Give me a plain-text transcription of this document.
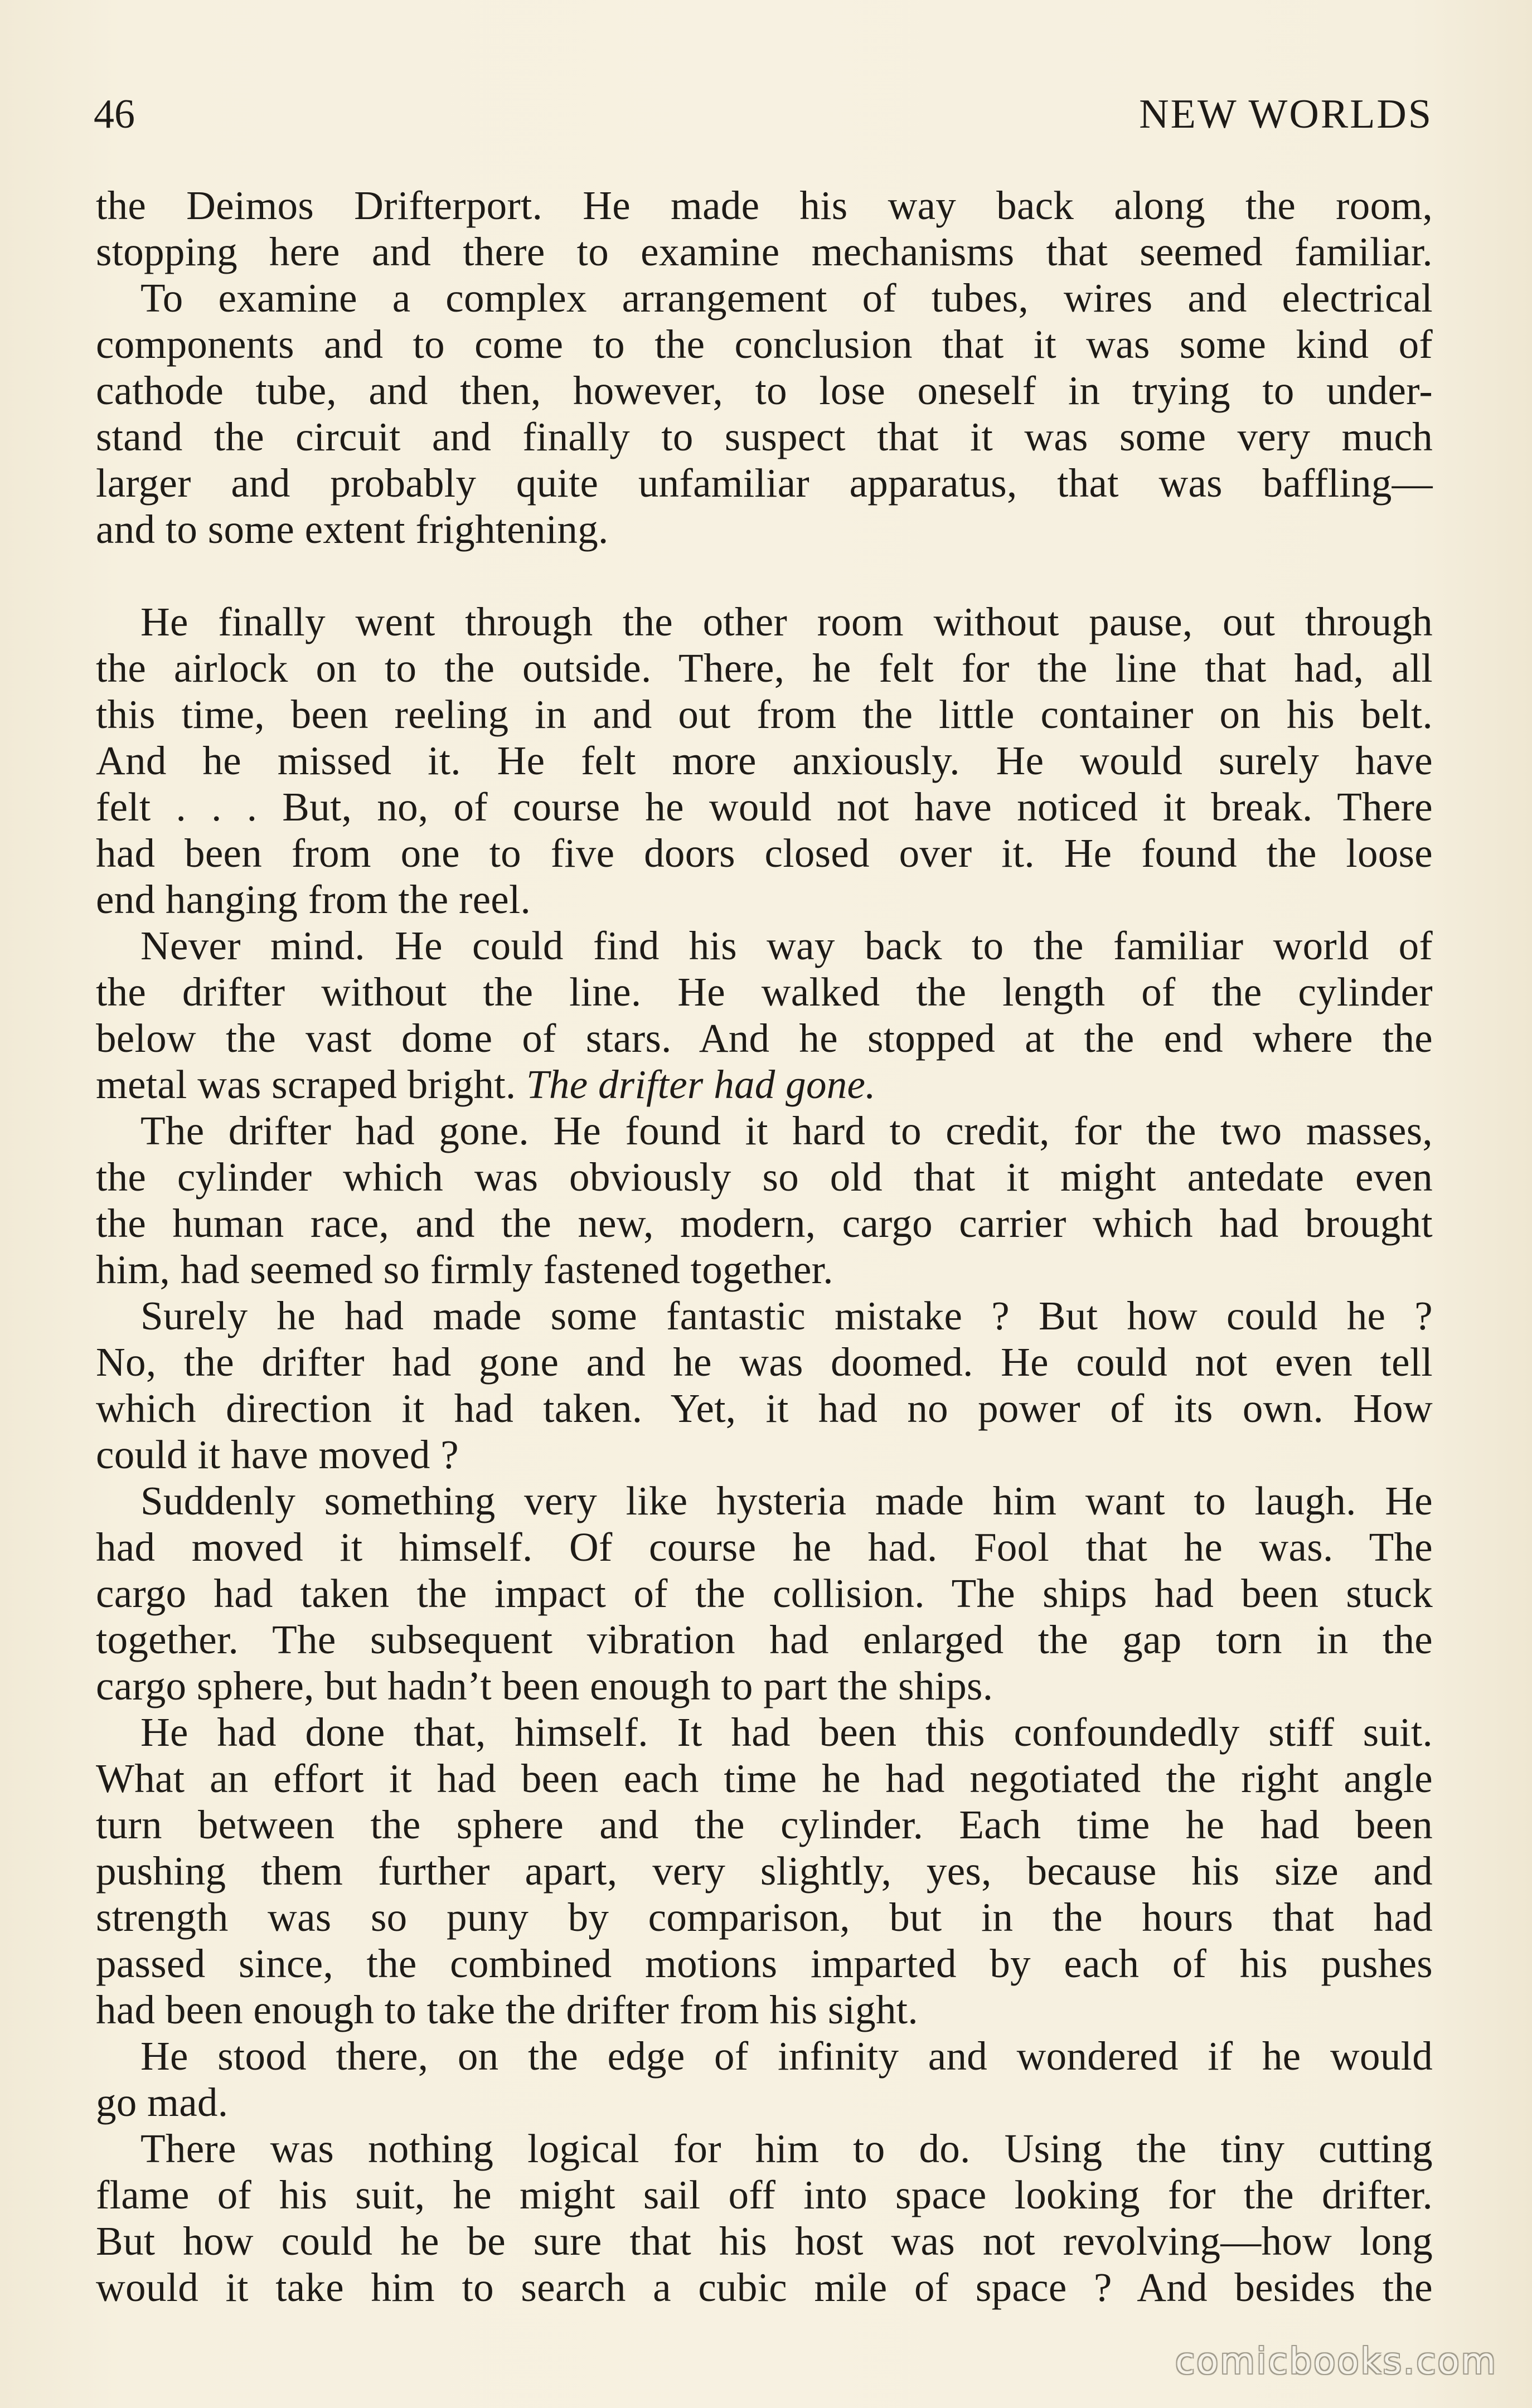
46	NEW WORLDS
the Deimos Drifterport. He made his way back along the room,
stopping here and there to examine mechanisms that seemed familiar.
To examine a complex arrangement of tubes, wires and electrical
components and to come to the conclusion that it was some kind of
cathode tube, and then, however, to lose oneself in trying to under-
stand the circuit and finally to suspect that it was some very much
larger and probably quite unfamiliar apparatus, that was baffling—
and to some extent frightening.
He finally went through the other room without pause, out through
the airlock on to the outside. There, he felt for the line that had, all
this time, been reeling in and out from the little container on his belt.
And he missed it. He felt more anxiously. He would surely have
felt . . . But, no, of course he would not have noticed it break. There
had been from one to five doors closed over it. He found the loose
end hanging from the reel.
Never mind. He could find his way back to the familiar world of
the drifter without the line. He walked the length of the cylinder
below the vast dome of stars. And he stopped at the end where the
metal was scraped bright. The drifter had gone.
The drifter had gone. He found it hard to credit, for the two masses,
the cylinder which was obviously so old that it might antedate even
the human race, and the new, modern, cargo carrier which had brought
him, had seemed so firmly fastened together.
Surely he had made some fantastic mistake ? But how could he ?
No, the drifter had gone and he was doomed. He could not even tell
which direction it had taken. Yet, it had no power of its own. How
could it have moved ?
Suddenly something very like hysteria made him want to laugh. He
had moved it himself. Of course he had. Fool that he was. The
cargo had taken the impact of the collision. The ships had been stuck
together. The subsequent vibration had enlarged the gap torn in the
cargo sphere, but hadn’t been enough to part the ships.
He had done that, himself. It had been this confoundedly stiff suit.
What an effort it had been each time he had negotiated the right angle
turn between the sphere and the cylinder. Each time he had been
pushing them further apart, very slightly, yes, because his size and
strength was so puny by comparison, but in the hours that had
passed since, the combined motions imparted by each of his pushes
had been enough to take the drifter from his sight.
He stood there, on the edge of infinity and wondered if he would
go mad.
There was nothing logical for him to do. Using the tiny cutting
flame of his suit, he might sail off into space looking for the drifter.
But how could he be sure that his host was not revolving—how long
would it take him to search a cubic mile of space ? And besides the
comicbooks.com
